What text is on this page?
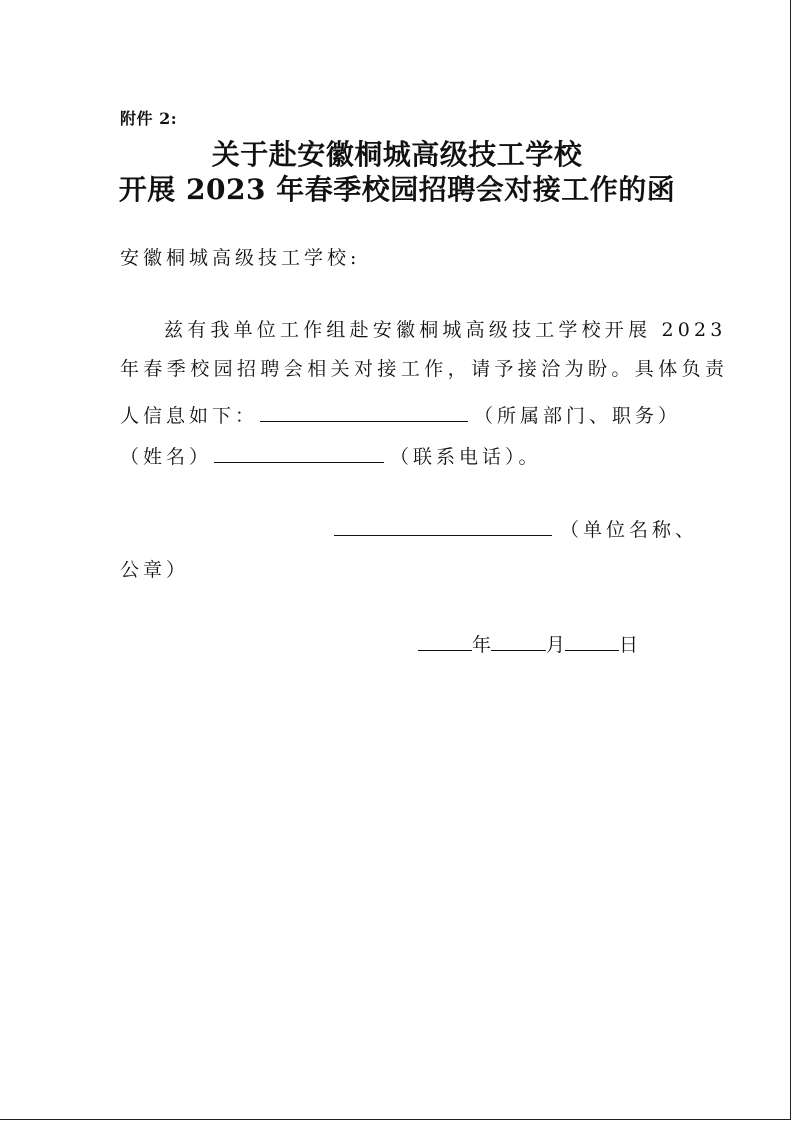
附件 2:
关于赴安徽桐城高级技工学校
开展 2023 年春季校园招聘会对接工作的函
安徽桐城高级技工学校:
兹有我单位工作组赴安徽桐城高级技工学校开展 2023
年春季校园招聘会相关对接工作，请予接洽为盼。具体负责
人信息如下：	（所属部门、职务）
（姓名）	（联系电话）。
（单位名称、
公章）
年	月	日
